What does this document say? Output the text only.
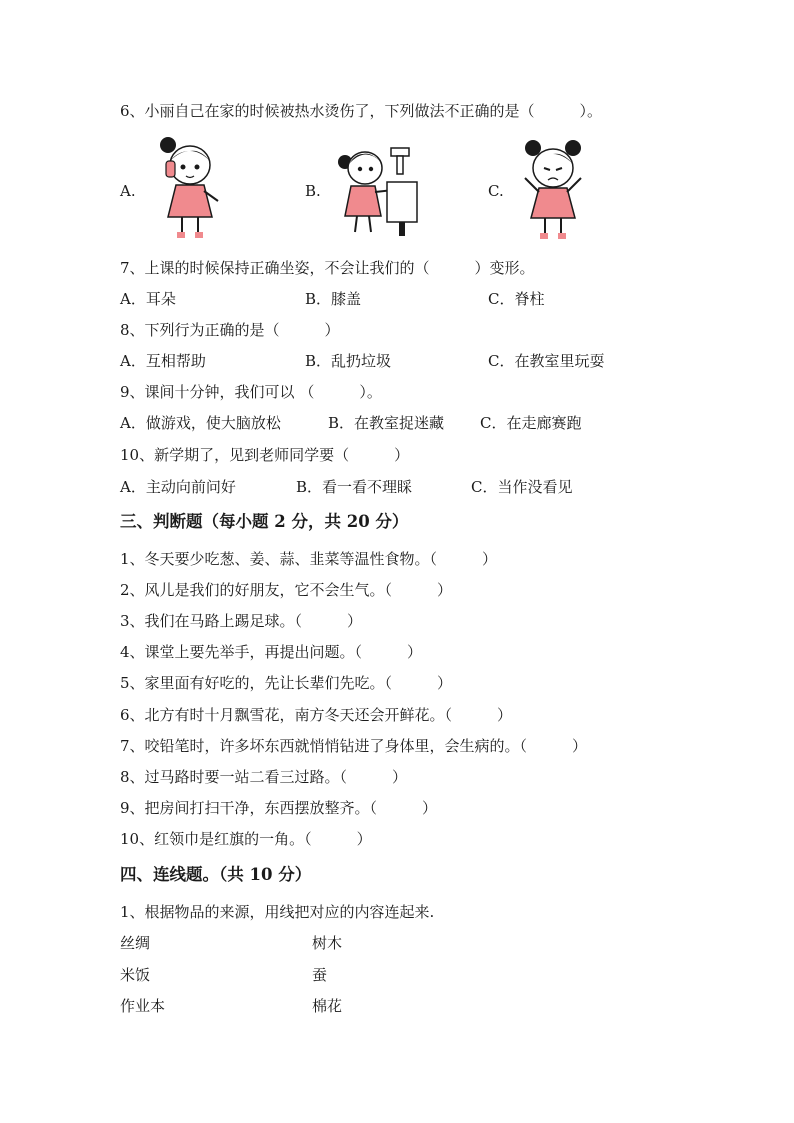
6、小丽自己在家的时候被热水烫伤了，下列做法不正确的是（　　　）。
A.	B.	C.
7、上课的时候保持正确坐姿，不会让我们的（　　　）变形。
A．耳朵	B．膝盖	C．脊柱
8、下列行为正确的是（　　　）
A．互相帮助	B．乱扔垃圾	C．在教室里玩耍
9、课间十分钟，我们可以 （　　　）。
A．做游戏，使大脑放松	B．在教室捉迷藏 C．在走廊赛跑
10、新学期了，见到老师同学要（　　　）
A．主动向前问好	B．看一看不理睬	C．当作没看见
三、判断题（每小题 2 分，共 20 分）
1、冬天要少吃葱、姜、蒜、韭菜等温性食物。（　　　）
2、风儿是我们的好朋友，它不会生气。（　　　）
3、我们在马路上踢足球。（　　　）
4、课堂上要先举手，再提出问题。（　　　）
5、家里面有好吃的，先让长辈们先吃。（　　　）
6、北方有时十月飘雪花，南方冬天还会开鲜花。（　　　）
7、咬铅笔时，许多坏东西就悄悄钻进了身体里，会生病的。（　　　）
8、过马路时要一站二看三过路。（　　　）
9、把房间打扫干净，东西摆放整齐。（　　　）
10、红领巾是红旗的一角。（　　　）
四、连线题。（共 10 分）
1、根据物品的来源，用线把对应的内容连起来.
丝绸	树木
米饭	蚕
作业本	棉花
